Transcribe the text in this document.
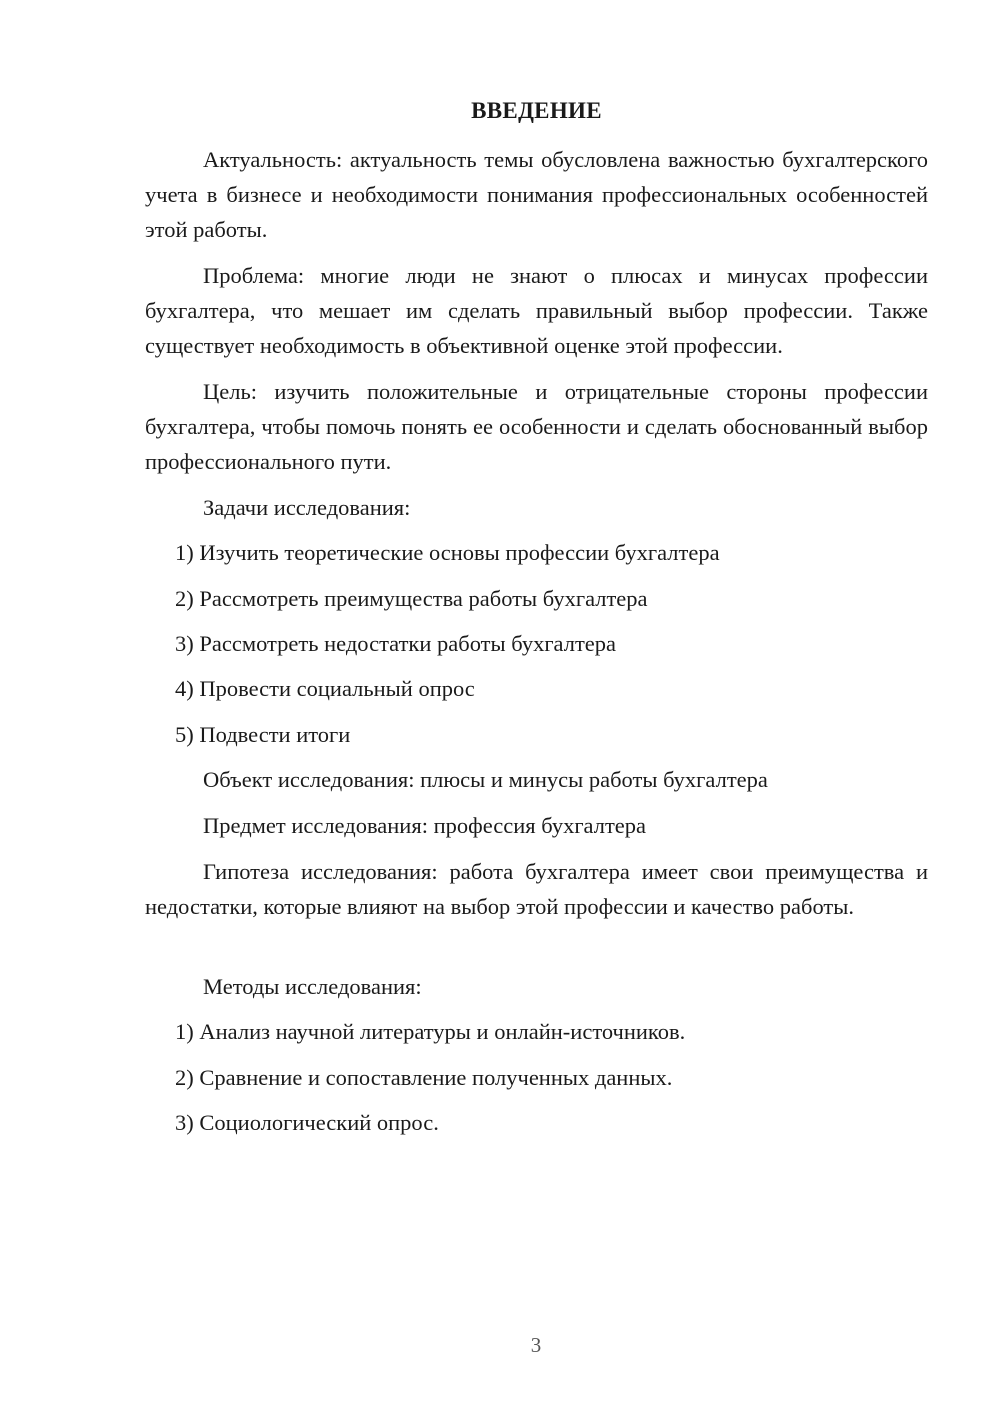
ВВЕДЕНИЕ

Актуальность: актуальность темы обусловлена важностью бухгалтерского учета в бизнесе и необходимости понимания профессиональных особенностей этой работы.

Проблема: многие люди не знают о плюсах и минусах профессии бухгалтера, что мешает им сделать правильный выбор профессии. Также существует необходимость в объективной оценке этой профессии.

Цель: изучить положительные и отрицательные стороны профессии бухгалтера, чтобы помочь понять ее особенности и сделать обоснованный выбор профессионального пути.

Задачи исследования:
1) Изучить теоретические основы профессии бухгалтера
2) Рассмотреть преимущества работы бухгалтера
3) Рассмотреть недостатки работы бухгалтера
4) Провести социальный опрос
5) Подвести итоги
Объект исследования: плюсы и минусы работы бухгалтера
Предмет исследования: профессия бухгалтера

Гипотеза исследования: работа бухгалтера имеет свои преимущества и недостатки, которые влияют на выбор этой профессии и качество работы.

Методы исследования:
1) Анализ научной литературы и онлайн-источников.
2) Сравнение и сопоставление полученных данных.
3) Социологический опрос.
3
